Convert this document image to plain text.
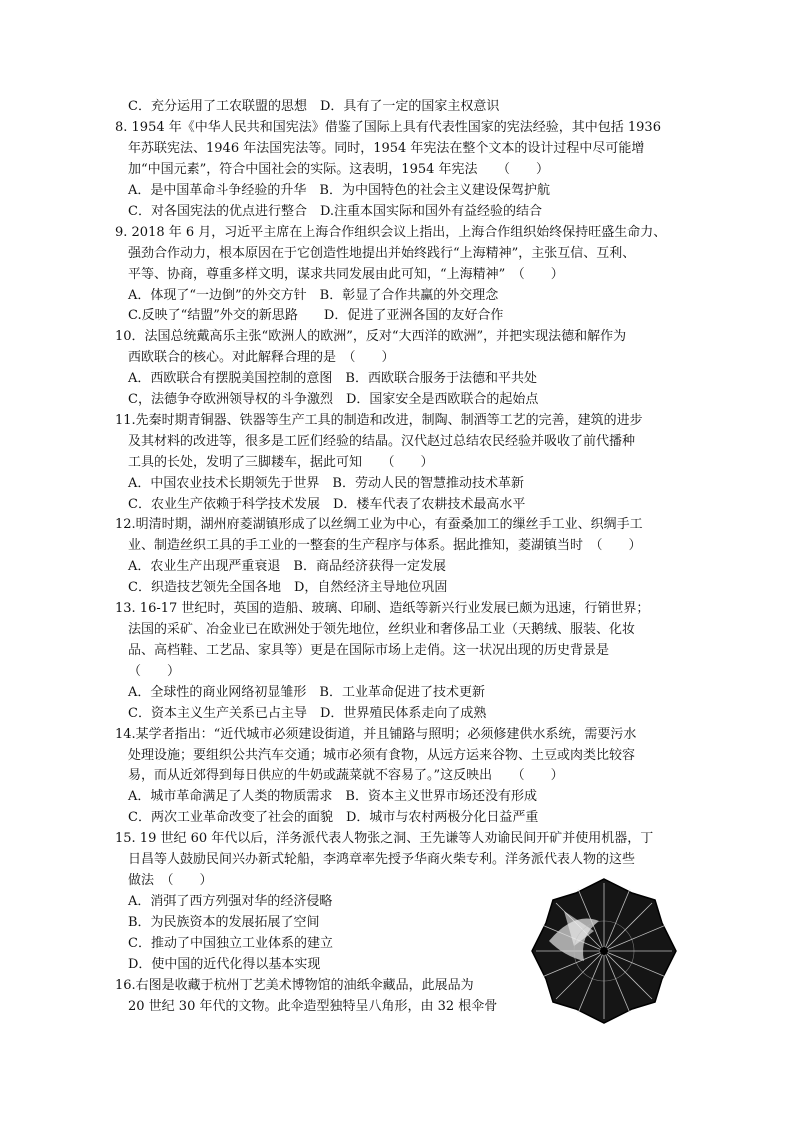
C．充分运用了工农联盟的思想　D．具有了一定的国家主权意识
8. 1954 年《中华人民共和国宪法》借鉴了国际上具有代表性国家的宪法经验，其中包括 1936
年苏联宪法、1946 年法国宪法等。同时，1954 年宪法在整个文本的设计过程中尽可能增
加“中国元素”，符合中国社会的实际。这表明，1954 年宪法　　（　　）
A．是中国革命斗争经验的升华　B．为中国特色的社会主义建设保驾护航
C．对各国宪法的优点进行整合　D.注重本国实际和国外有益经验的结合
9. 2018 年 6 月，习近平主席在上海合作组织会议上指出，上海合作组织始终保持旺盛生命力、
强劲合作动力，根本原因在于它创造性地提出并始终践行“上海精神”，主张互信、互利、
平等、协商，尊重多样文明，谋求共同发展由此可知，“上海精神”　（　　）
A．体现了“一边倒”的外交方针　B．彰显了合作共赢的外交理念
C.反映了“结盟”外交的新思路　　D．促进了亚洲各国的友好合作
10．法国总统戴高乐主张“欧洲人的欧洲”，反对“大西洋的欧洲”，并把实现法德和解作为
西欧联合的核心。对此解释合理的是　（　　）
A．西欧联合有摆脱美国控制的意图　B．西欧联合服务于法德和平共处
C，法德争夺欧洲领导权的斗争激烈　D．国家安全是西欧联合的起始点
11.先秦时期青铜器、铁器等生产工具的制造和改进，制陶、制酒等工艺的完善，建筑的进步
及其材料的改进等，很多是工匠们经验的结晶。汉代赵过总结农民经验并吸收了前代播种
工具的长处，发明了三脚耧车，据此可知　　（　　）
A．中国农业技术长期领先于世界　B．劳动人民的智慧推动技术革新
C．农业生产依赖于科学技术发展　D．楼车代表了农耕技术最高水平
12.明清时期，湖州府菱湖镇形成了以丝绸工业为中心，有蚕桑加工的缫丝手工业、织绸手工
业、制造丝织工具的手工业的一整套的生产程序与体系。据此推知，菱湖镇当时　（　　）
A．农业生产出现严重衰退　B．商品经济获得一定发展
C．织造技艺领先全国各地　D，自然经济主导地位巩固
13. 16-17 世纪时，英国的造船、玻璃、印刷、造纸等新兴行业发展已颇为迅速，行销世界；
法国的采矿、冶金业已在欧洲处于领先地位，丝织业和奢侈品工业（天鹅绒、服装、化妆
品、高档鞋、工艺品、家具等）更是在国际市场上走俏。这一状况出现的历史背景是
（　　）
A．全球性的商业网络初显雏形　B．工业革命促进了技术更新
C．资本主义生产关系已占主导　D．世界殖民体系走向了成熟
14.某学者指出：“近代城市必须建设街道，并且铺路与照明；必须修建供水系统，需要污水
处理设施；要组织公共汽车交通；城市必须有食物，从远方运来谷物、土豆或肉类比较容
易，而从近郊得到每日供应的牛奶或蔬菜就不容易了。”这反映出　　（　　）
A．城市革命满足了人类的物质需求　B．资本主义世界市场还没有形成
C．两次工业革命改变了社会的面貌　D．城市与农村两极分化日益严重
15. 19 世纪 60 年代以后，洋务派代表人物张之洞、王先谦等人劝谕民间开矿并使用机器，丁
日昌等人鼓励民间兴办新式轮船，李鸿章率先授予华商火柴专利。洋务派代表人物的这些
做法　（　　）
A．消弭了西方列强对华的经济侵略
B．为民族资本的发展拓展了空间
C．推动了中国独立工业体系的建立
D．使中国的近代化得以基本实现
16.右图是收藏于杭州丁艺美术博物馆的油纸伞藏品，此展品为
20 世纪 30 年代的文物。此伞造型独特呈八角形，由 32 根伞骨
